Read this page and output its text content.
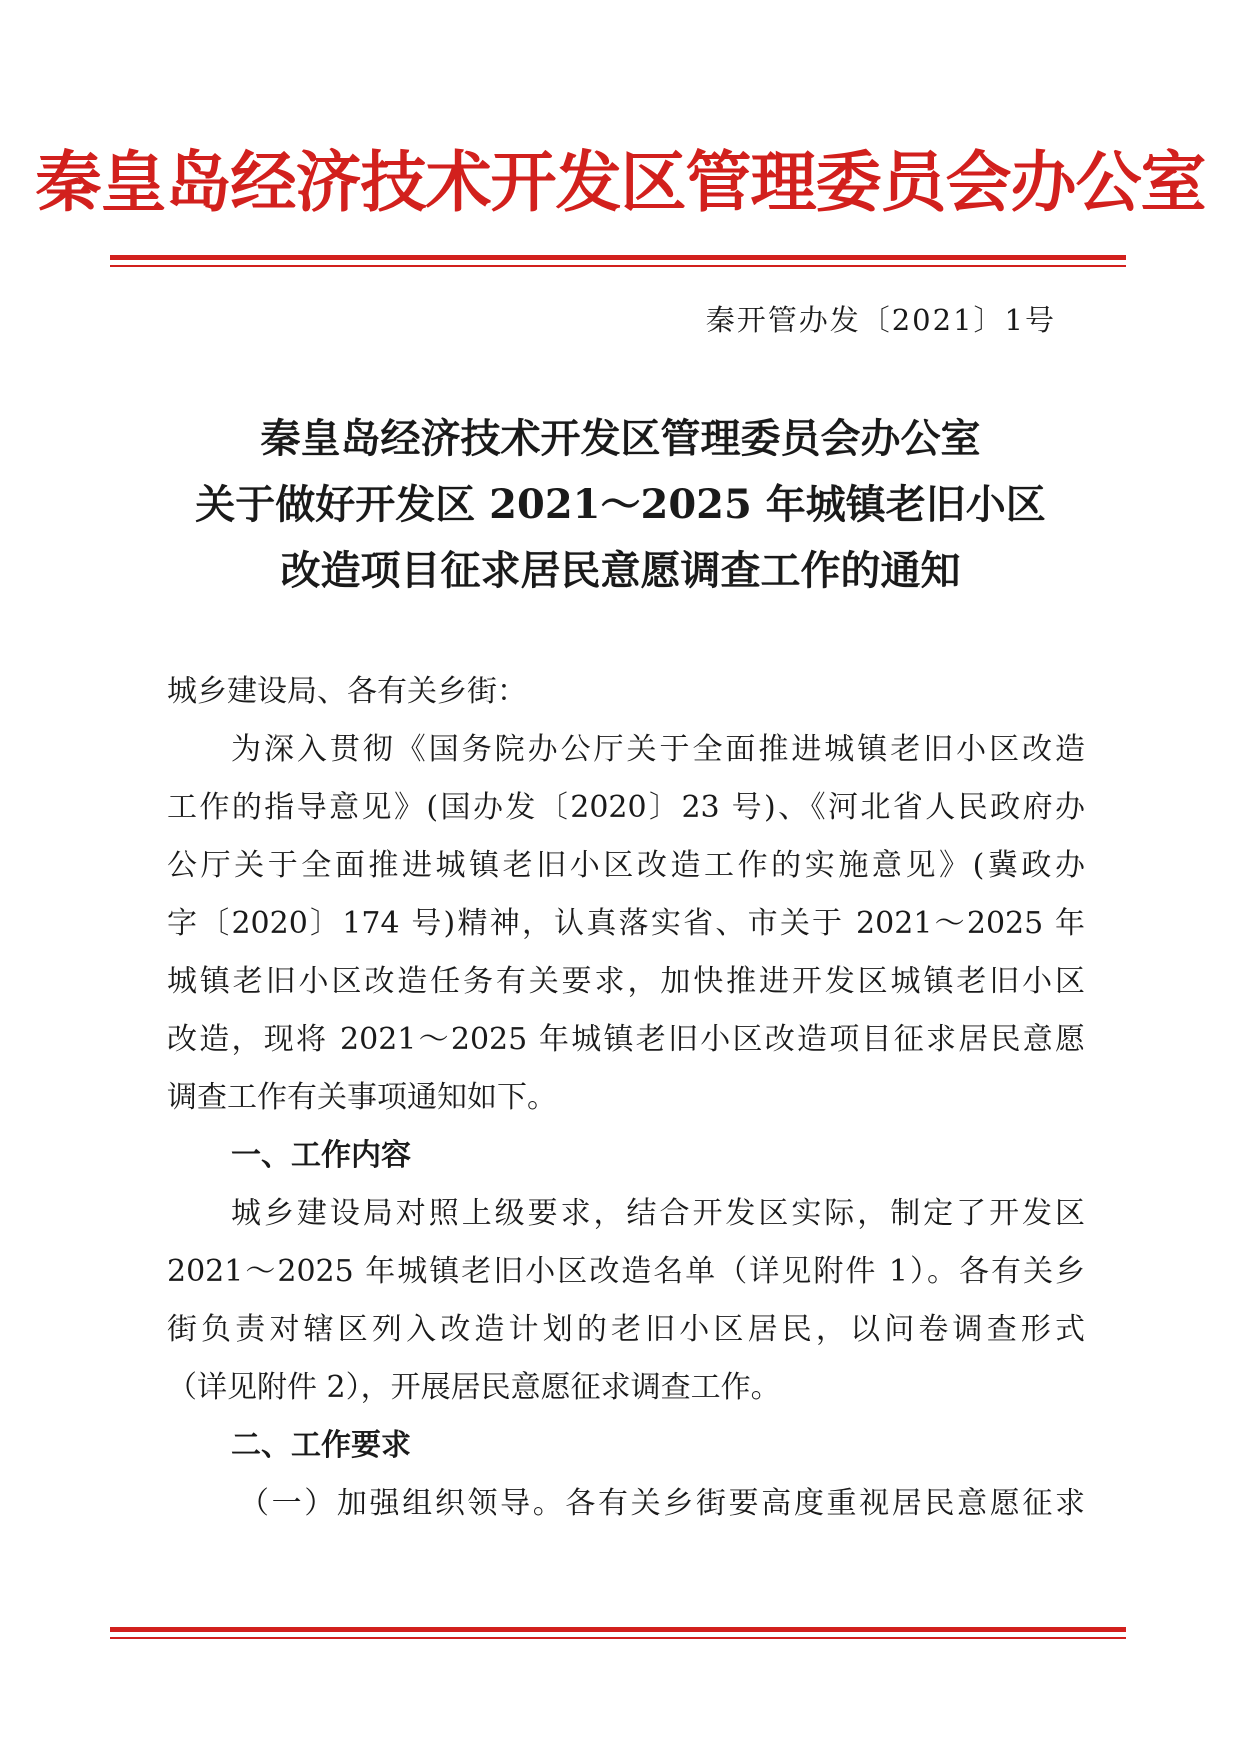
秦皇岛经济技术开发区管理委员会办公室
秦开管办发〔2021〕1号
秦皇岛经济技术开发区管理委员会办公室
关于做好开发区 2021～2025 年城镇老旧小区
改造项目征求居民意愿调查工作的通知

城乡建设局、各有关乡街：

为深入贯彻《国务院办公厅关于全面推进城镇老旧小区改造

工作的指导意见》(国办发〔2020〕23 号)、《河北省人民政府办

公厅关于全面推进城镇老旧小区改造工作的实施意见》(冀政办

字〔2020〕174 号)精神，认真落实省、市关于 2021～2025 年

城镇老旧小区改造任务有关要求，加快推进开发区城镇老旧小区

改造，现将 2021～2025 年城镇老旧小区改造项目征求居民意愿

调查工作有关事项通知如下。

一、工作内容

城乡建设局对照上级要求，结合开发区实际，制定了开发区

2021～2025 年城镇老旧小区改造名单（详见附件 1）。各有关乡

街负责对辖区列入改造计划的老旧小区居民，以问卷调查形式

（详见附件 2），开展居民意愿征求调查工作。

二、工作要求

（一）加强组织领导。各有关乡街要高度重视居民意愿征求
